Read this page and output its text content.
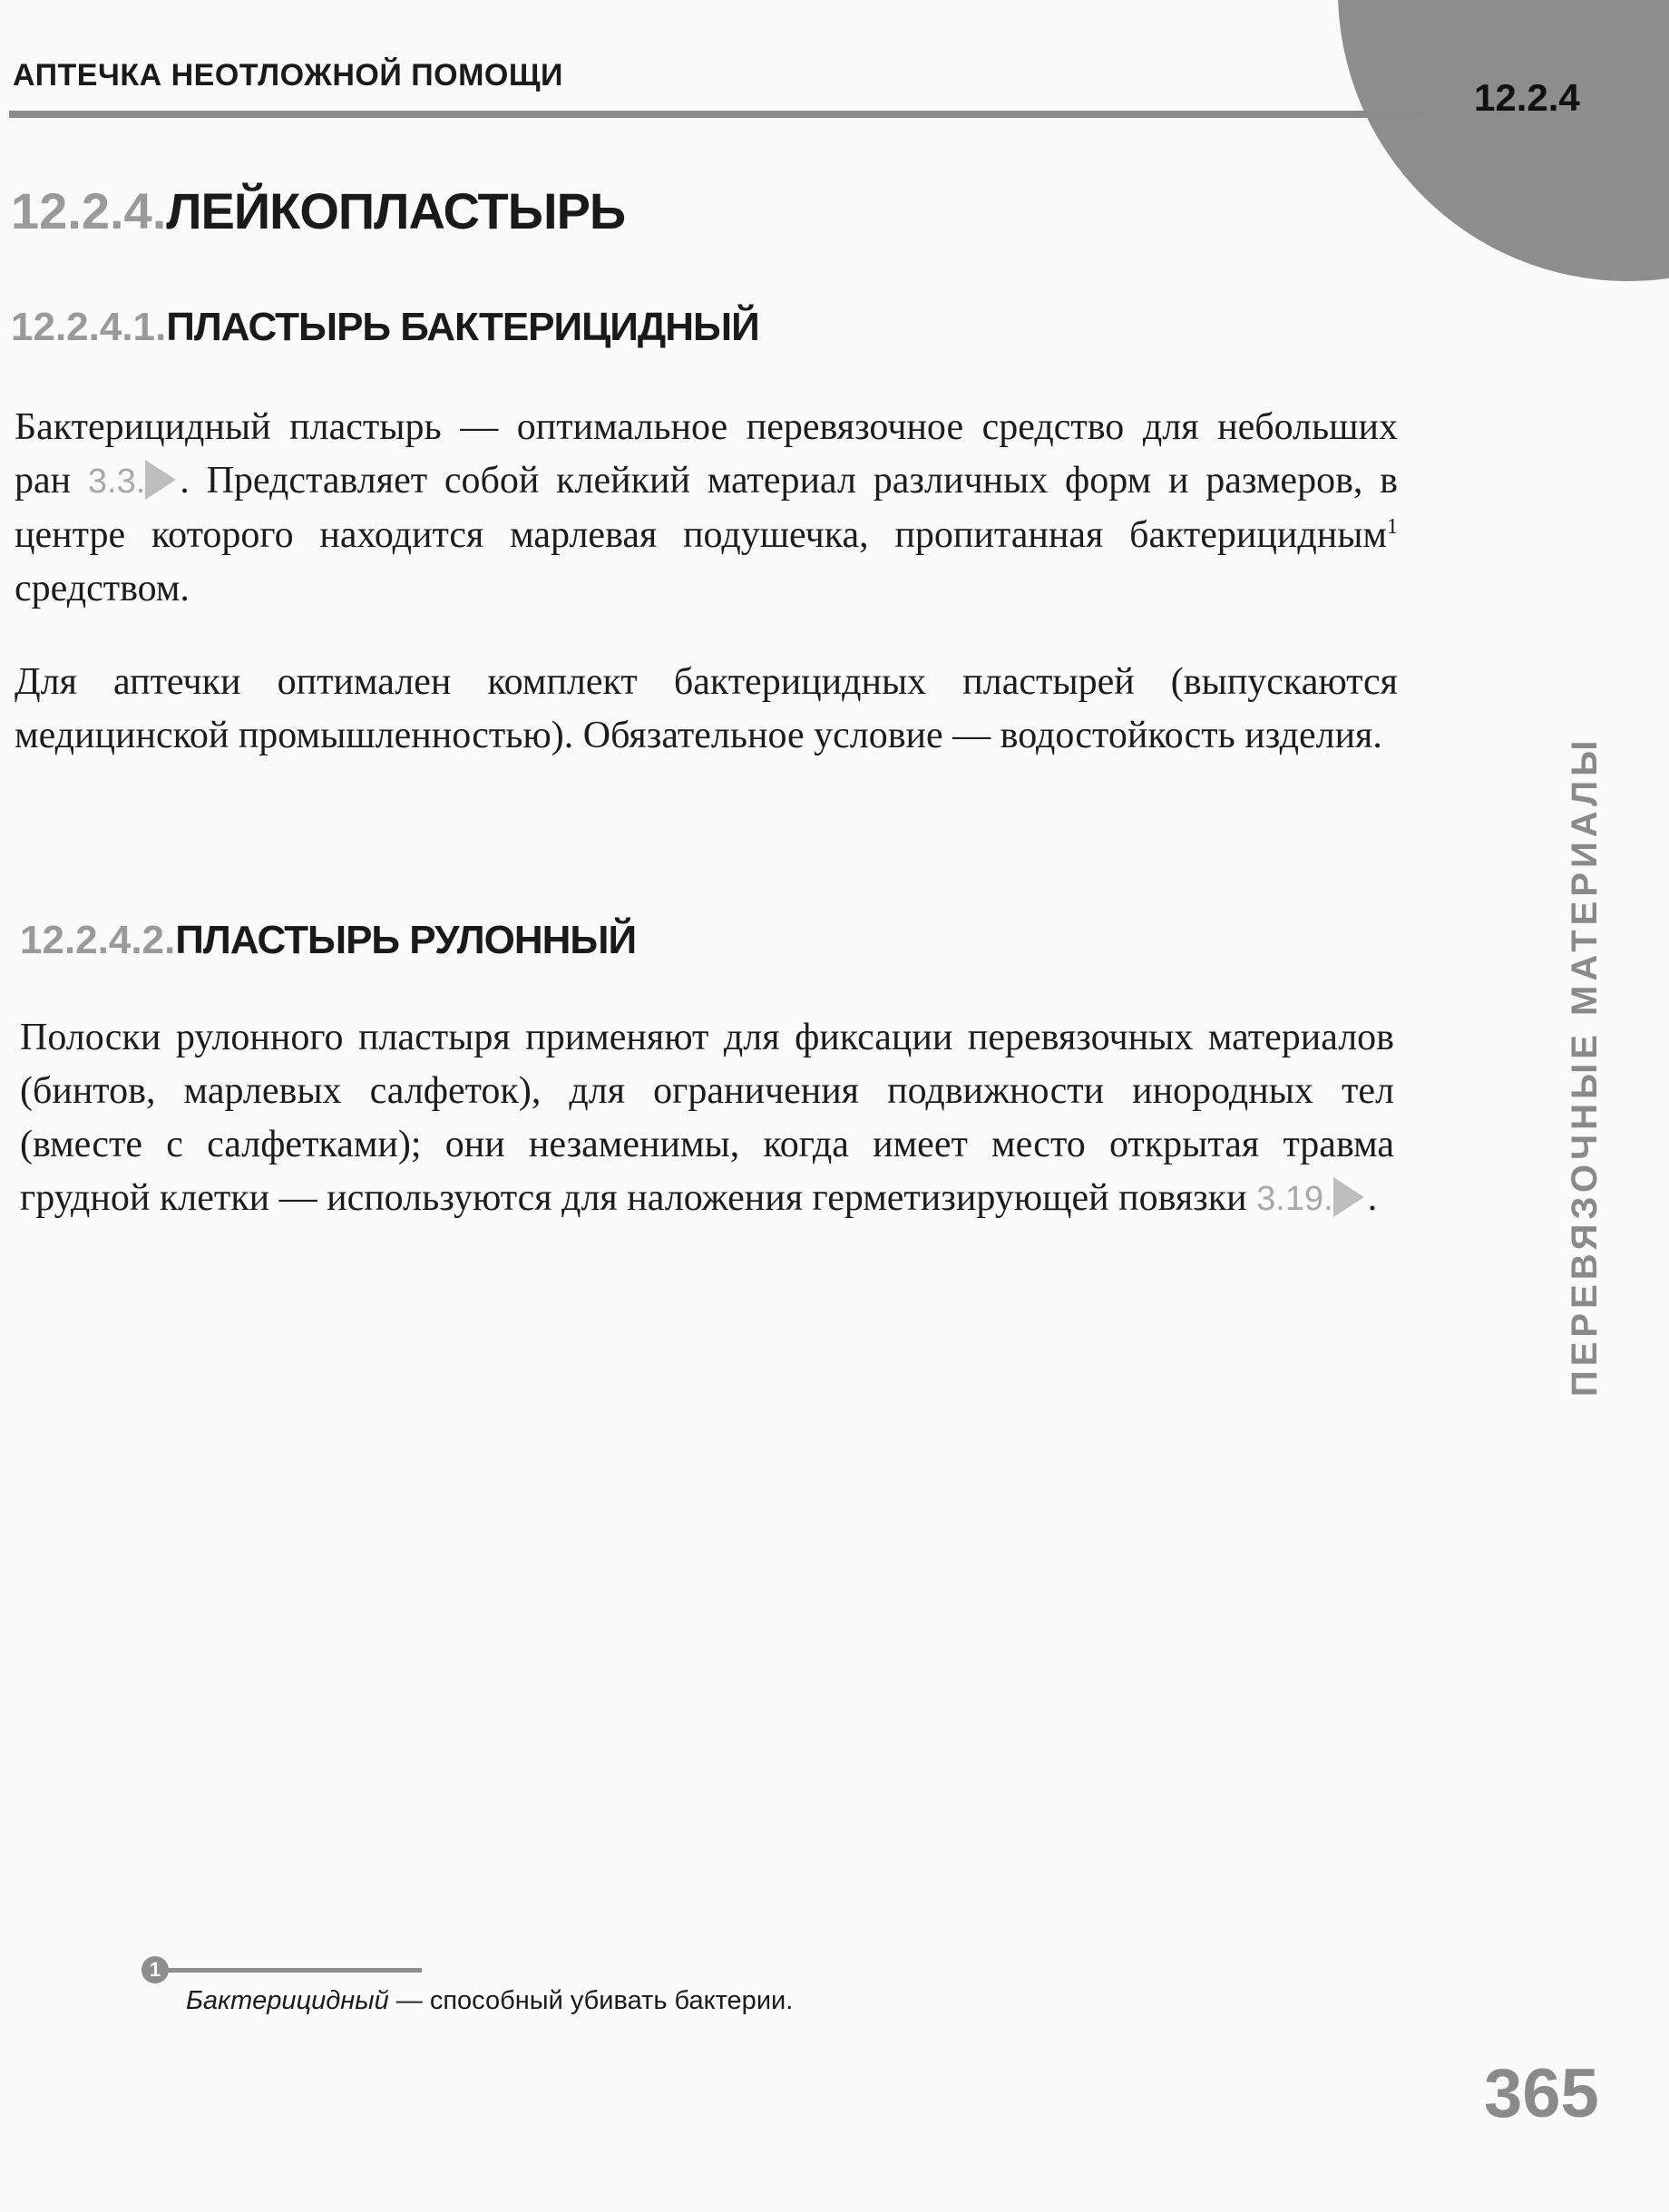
12.2.4
АПТЕЧКА НЕОТЛОЖНОЙ ПОМОЩИ
12.2.4.ЛЕЙКОПЛАСТЫРЬ
12.2.4.1.ПЛАСТЫРЬ БАКТЕРИЦИДНЫЙ
Бактерицидный пластырь — оптимальное перевязочное средство для небольших ран 3.3. . Представляет собой клейкий материал различных форм и размеров, в центре которого находится марлевая подушечка, пропитанная бактерицидным$^1$ средством.
Для аптечки оптимален комплект бактерицидных пластырей (выпускаются медицинской промышленностью). Обязательное условие — водостойкость изделия.
12.2.4.2.ПЛАСТЫРЬ РУЛОННЫЙ
Полоски рулонного пластыря применяют для фиксации перевязочных материалов (бинтов, марлевых салфеток), для ограничения подвижности инородных тел (вместе с салфетками); они незаменимы, когда имеет место открытая травма грудной клетки — используются для наложения герметизирующей повязки 3.19. .	ПЕРЕВЯЗОЧНЫЕ МАТЕРИАЛЫ
1
Бактерицидный — способный убивать бактерии.
365
